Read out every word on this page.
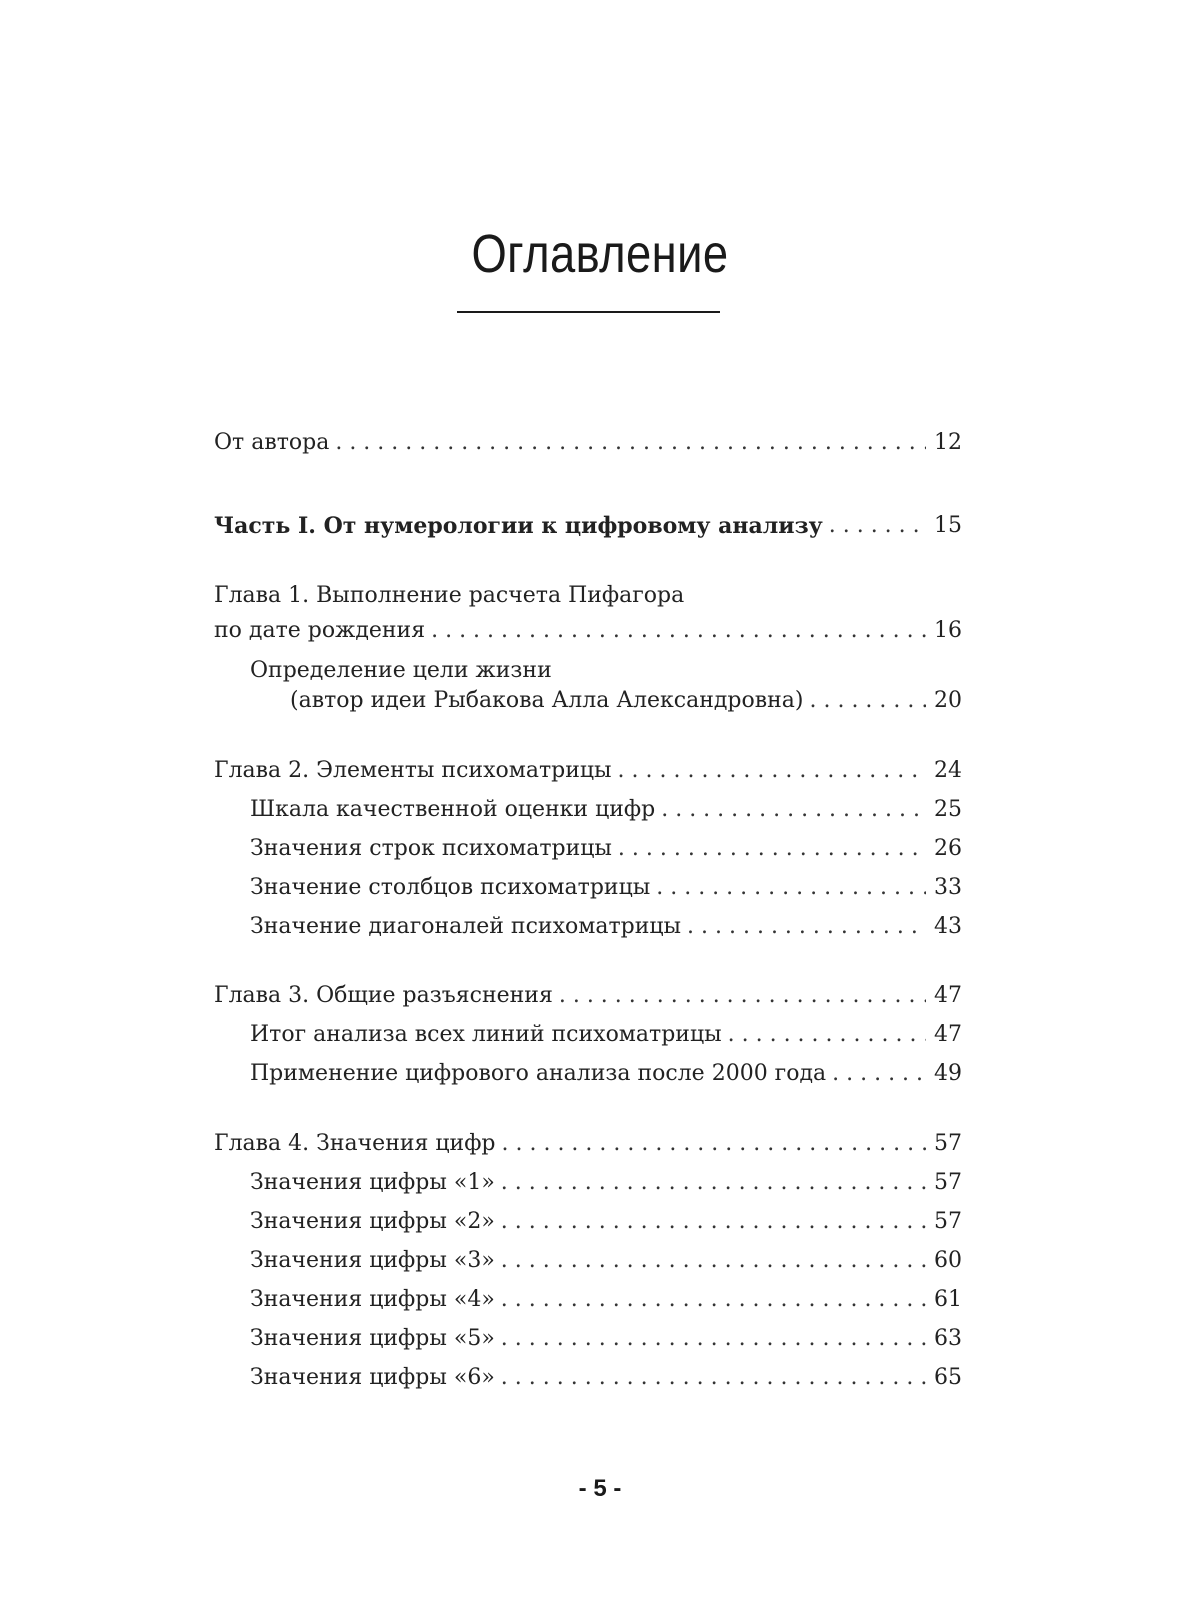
Оглавление
От автора . . .	12
Часть I. От нумерологии к цифровому анализу . . .	15
Глава 1. Выполнение расчета Пифагора
по дате рождения . . .	16
Определение цели жизни
(автор идеи Рыбакова Алла Александровна) . . .	20
Глава 2. Элементы психоматрицы . . .	24
Шкала качественной оценки цифр . . .	25
Значения строк психоматрицы . . .	26
Значение столбцов психоматрицы . . .	33
Значение диагоналей психоматрицы . . .	43
Глава 3. Общие разъяснения . . .	47
Итог анализа всех линий психоматрицы . . .	47
Применение цифрового анализа после 2000 года . . .	49
Глава 4. Значения цифр . . .	57
Значения цифры «1» . . .	57
Значения цифры «2» . . .	57
Значения цифры «3» . . .	60
Значения цифры «4» . . .	61
Значения цифры «5» . . .	63
Значения цифры «6» . . .	65
- 5 -
